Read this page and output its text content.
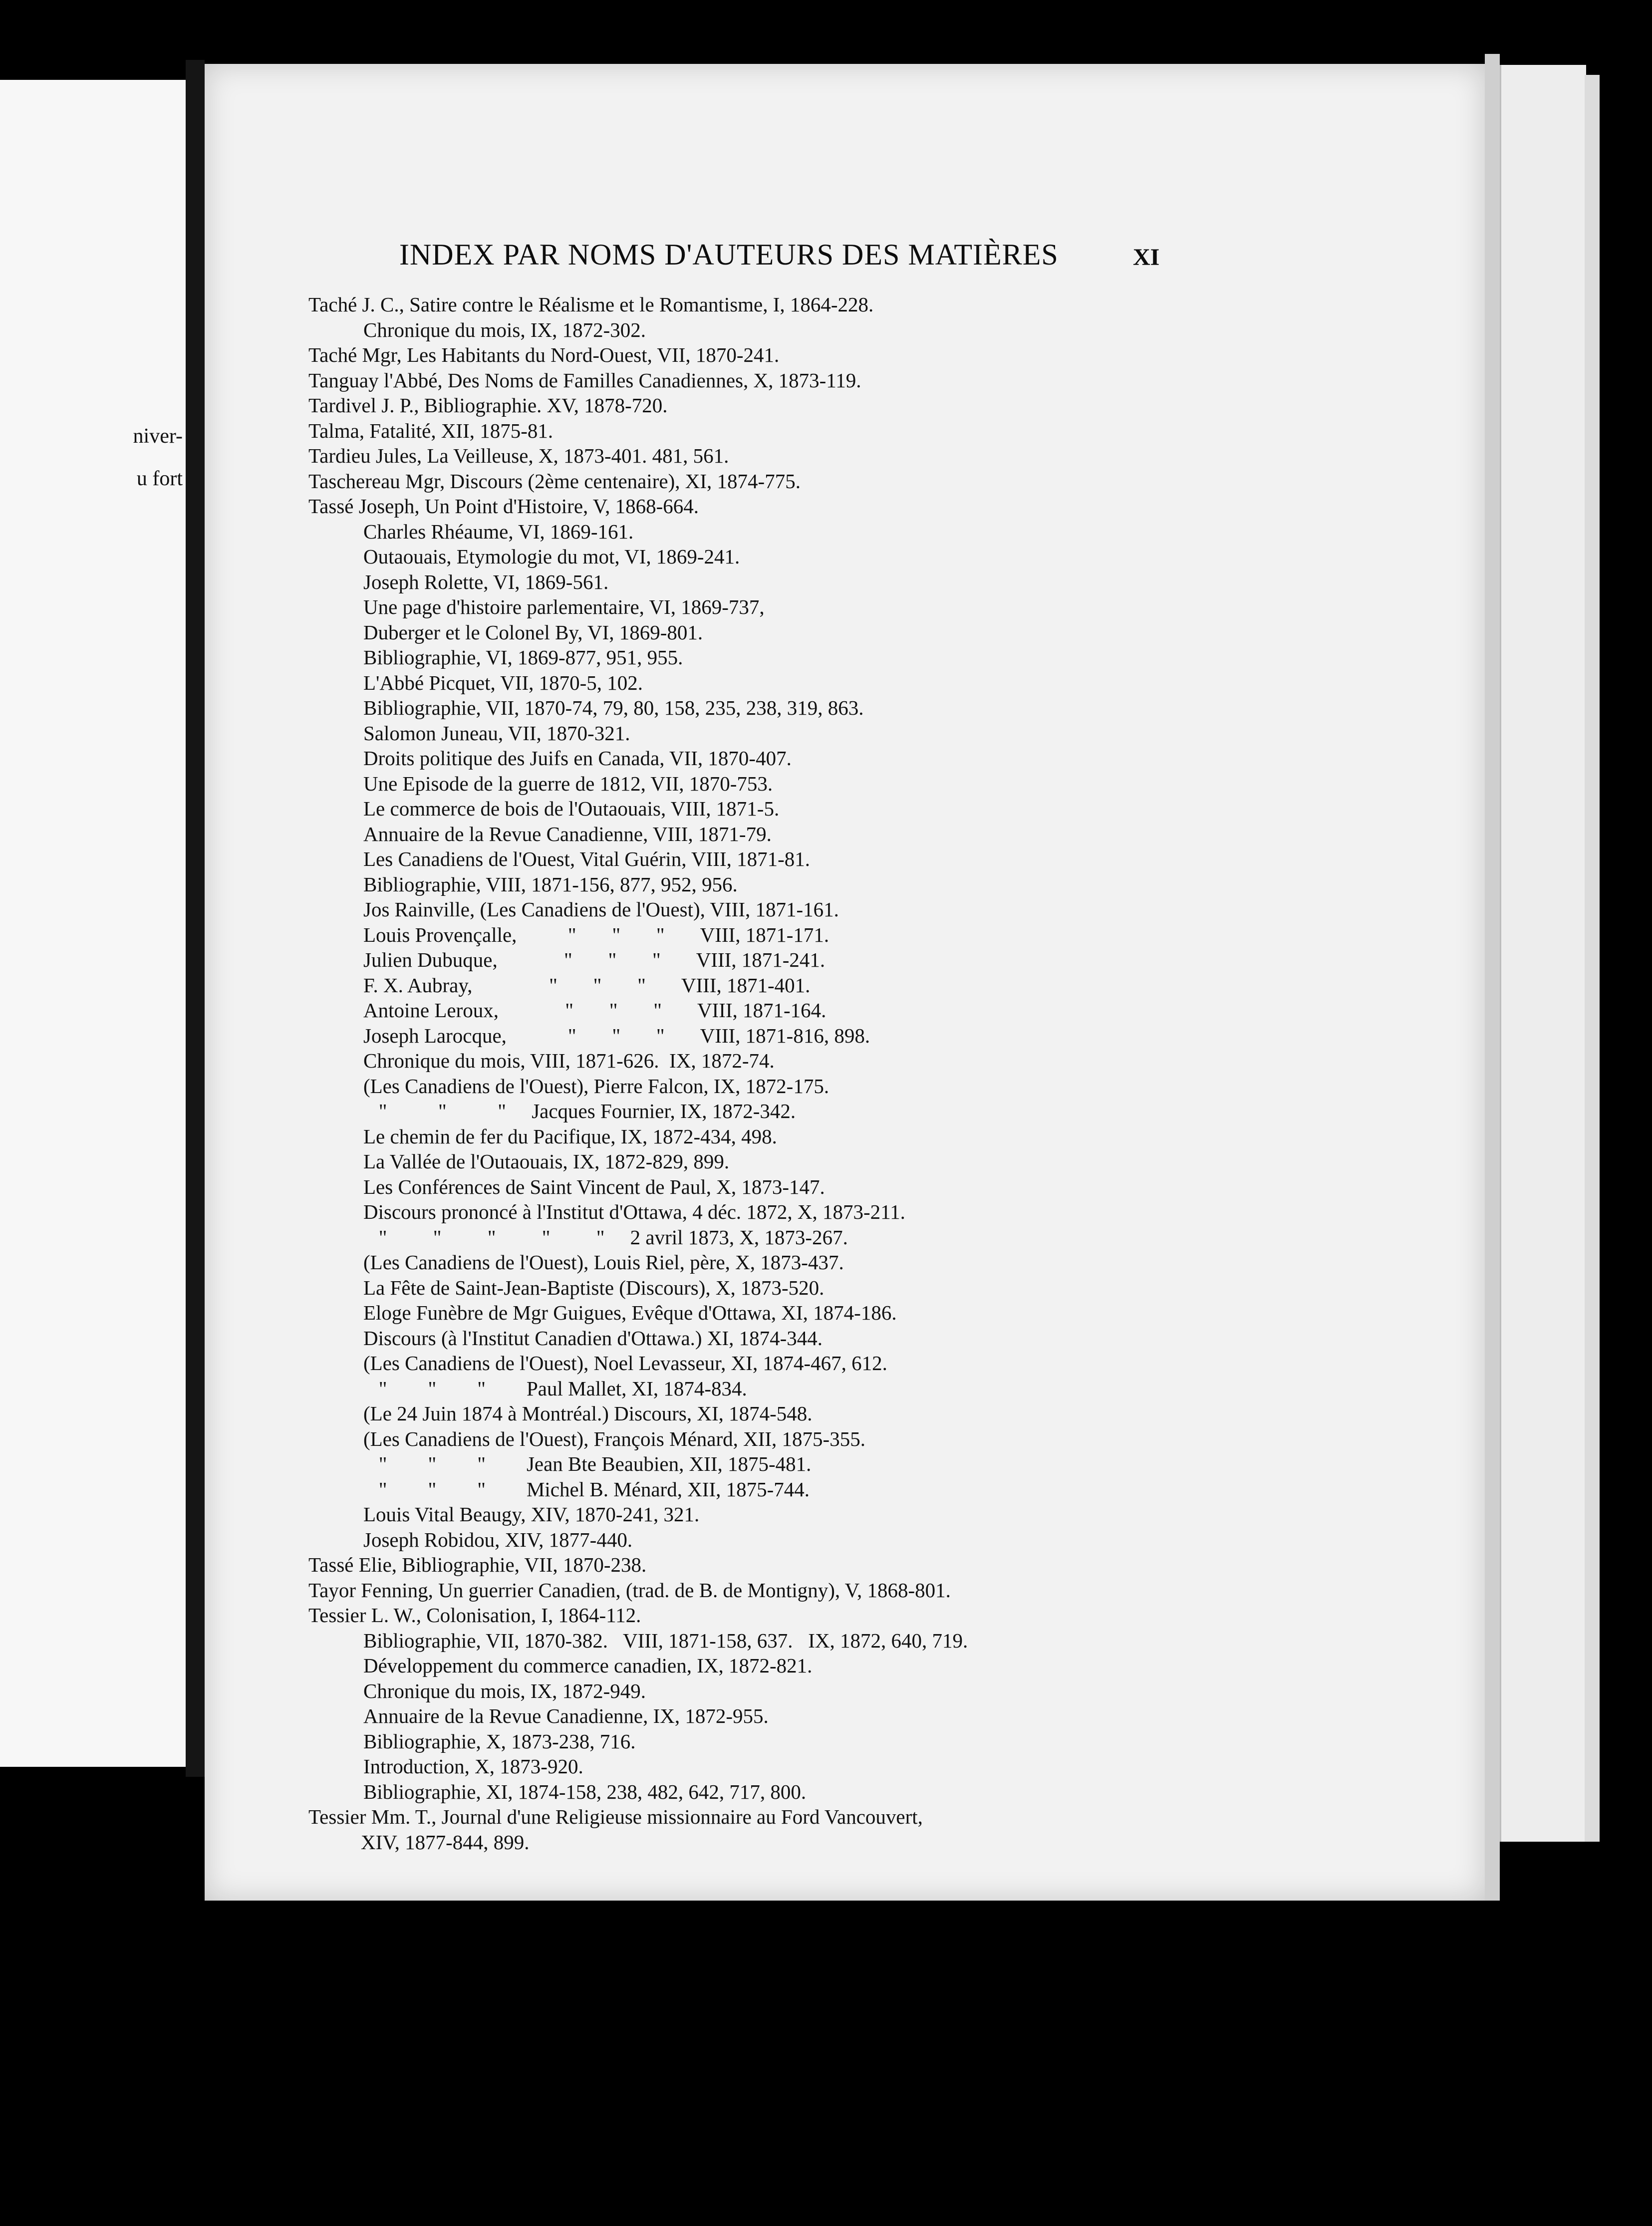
niver-
u fort
INDEX PAR NOMS D'AUTEURS DES MATIÈRES	XI
Taché J. C., Satire contre le Réalisme et le Romantisme, I, 1864-228.
Chronique du mois, IX, 1872-302.
Taché Mgr, Les Habitants du Nord-Ouest, VII, 1870-241.
Tanguay l'Abbé, Des Noms de Familles Canadiennes, X, 1873-119.
Tardivel J. P., Bibliographie. XV, 1878-720.
Talma, Fatalité, XII, 1875-81.
Tardieu Jules, La Veilleuse, X, 1873-401. 481, 561.
Taschereau Mgr, Discours (2ème centenaire), XI, 1874-775.
Tassé Joseph, Un Point d'Histoire, V, 1868-664.
Charles Rhéaume, VI, 1869-161.
Outaouais, Etymologie du mot, VI, 1869-241.
Joseph Rolette, VI, 1869-561.
Une page d'histoire parlementaire, VI, 1869-737,
Duberger et le Colonel By, VI, 1869-801.
Bibliographie, VI, 1869-877, 951, 955.
L'Abbé Picquet, VII, 1870-5, 102.
Bibliographie, VII, 1870-74, 79, 80, 158, 235, 238, 319, 863.
Salomon Juneau, VII, 1870-321.
Droits politique des Juifs en Canada, VII, 1870-407.
Une Episode de la guerre de 1812, VII, 1870-753.
Le commerce de bois de l'Outaouais, VIII, 1871-5.
Annuaire de la Revue Canadienne, VIII, 1871-79.
Les Canadiens de l'Ouest, Vital Guérin, VIII, 1871-81.
Bibliographie, VIII, 1871-156, 877, 952, 956.
Jos Rainville, (Les Canadiens de l'Ouest), VIII, 1871-161.
Louis Provençalle,          "       "       "       VIII, 1871-171.
Julien Dubuque,             "       "       "       VIII, 1871-241.
F. X. Aubray,               "       "       "       VIII, 1871-401.
Antoine Leroux,             "       "       "       VIII, 1871-164.
Joseph Larocque,            "       "       "       VIII, 1871-816, 898.
Chronique du mois, VIII, 1871-626.  IX, 1872-74.
(Les Canadiens de l'Ouest), Pierre Falcon, IX, 1872-175.
"          "          "     Jacques Fournier, IX, 1872-342.
Le chemin de fer du Pacifique, IX, 1872-434, 498.
La Vallée de l'Outaouais, IX, 1872-829, 899.
Les Conférences de Saint Vincent de Paul, X, 1873-147.
Discours prononcé à l'Institut d'Ottawa, 4 déc. 1872, X, 1873-211.
"         "         "         "         "     2 avril 1873, X, 1873-267.
(Les Canadiens de l'Ouest), Louis Riel, père, X, 1873-437.
La Fête de Saint-Jean-Baptiste (Discours), X, 1873-520.
Eloge Funèbre de Mgr Guigues, Evêque d'Ottawa, XI, 1874-186.
Discours (à l'Institut Canadien d'Ottawa.) XI, 1874-344.
(Les Canadiens de l'Ouest), Noel Levasseur, XI, 1874-467, 612.
"        "        "        Paul Mallet, XI, 1874-834.
(Le 24 Juin 1874 à Montréal.) Discours, XI, 1874-548.
(Les Canadiens de l'Ouest), François Ménard, XII, 1875-355.
"        "        "        Jean Bte Beaubien, XII, 1875-481.
"        "        "        Michel B. Ménard, XII, 1875-744.
Louis Vital Beaugy, XIV, 1870-241, 321.
Joseph Robidou, XIV, 1877-440.
Tassé Elie, Bibliographie, VII, 1870-238.
Tayor Fenning, Un guerrier Canadien, (trad. de B. de Montigny), V, 1868-801.
Tessier L. W., Colonisation, I, 1864-112.
Bibliographie, VII, 1870-382.   VIII, 1871-158, 637.   IX, 1872, 640, 719.
Développement du commerce canadien, IX, 1872-821.
Chronique du mois, IX, 1872-949.
Annuaire de la Revue Canadienne, IX, 1872-955.
Bibliographie, X, 1873-238, 716.
Introduction, X, 1873-920.
Bibliographie, XI, 1874-158, 238, 482, 642, 717, 800.
Tessier Mm. T., Journal d'une Religieuse missionnaire au Ford Vancouvert,
XIV, 1877-844, 899.
